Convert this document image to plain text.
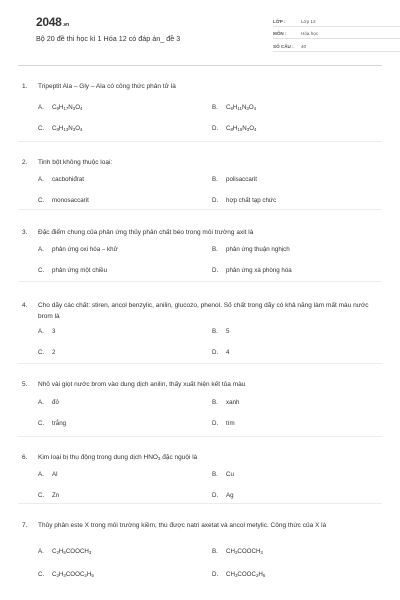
2048.vn
Bộ 20 đề thi học kì 1 Hóa 12 có đáp án_ đề 3
LỚP :	Lớp 12
MÔN :	Hóa học
SỐ CÂU :	40
1. Tripeptit Ala – Gly – Ala có công thức phân tử là
A. $C_9H_{17}N_3O_4$	B. $C_6H_{11}N_3O_4$
C. $C_8H_{13}N_3O_4$	D. $C_8H_{15}N_3O_4$
2. Tinh bột không thuộc loại:
A. cacbohiđrat	B. polisaccarit
C. monosaccarit	D. hợp chất tạp chức
3. Đặc điểm chung của phản ứng thủy phân chất béo trong môi trường axit là
A. phản ứng oxi hóa – khử	B. phản ứng thuận nghịch
C. phản ứng một chiều	D. phản ứng xà phòng hóa
4. Cho dãy các chất: stiren, ancol benzylic, anilin, glucozo, phenol. Số chất trong dãy có khả năng làm mất màu nước brom là
A. 3	B. 5
C. 2	D. 4
5. Nhỏ vài giọt nước brom vào dung dịch anilin, thấy xuất hiện kết tủa màu
A. đỏ	B. xanh
C. trắng	D. tím
6. Kim loại bị thụ động trong dung dịch $HNO_3$ đặc nguội là
A. Al	B. Cu
C. Zn	D. Ag
7. Thủy phân este X trong môi trường kiềm, thu được natri axetat và ancol metylic. Công thức của X là
A. $C_2H_5COOCH_3$	B. $CH_3COOCH_3$
C. $C_2H_3COOC_2H_5$	D. $CH_3COOC_2H_5$
